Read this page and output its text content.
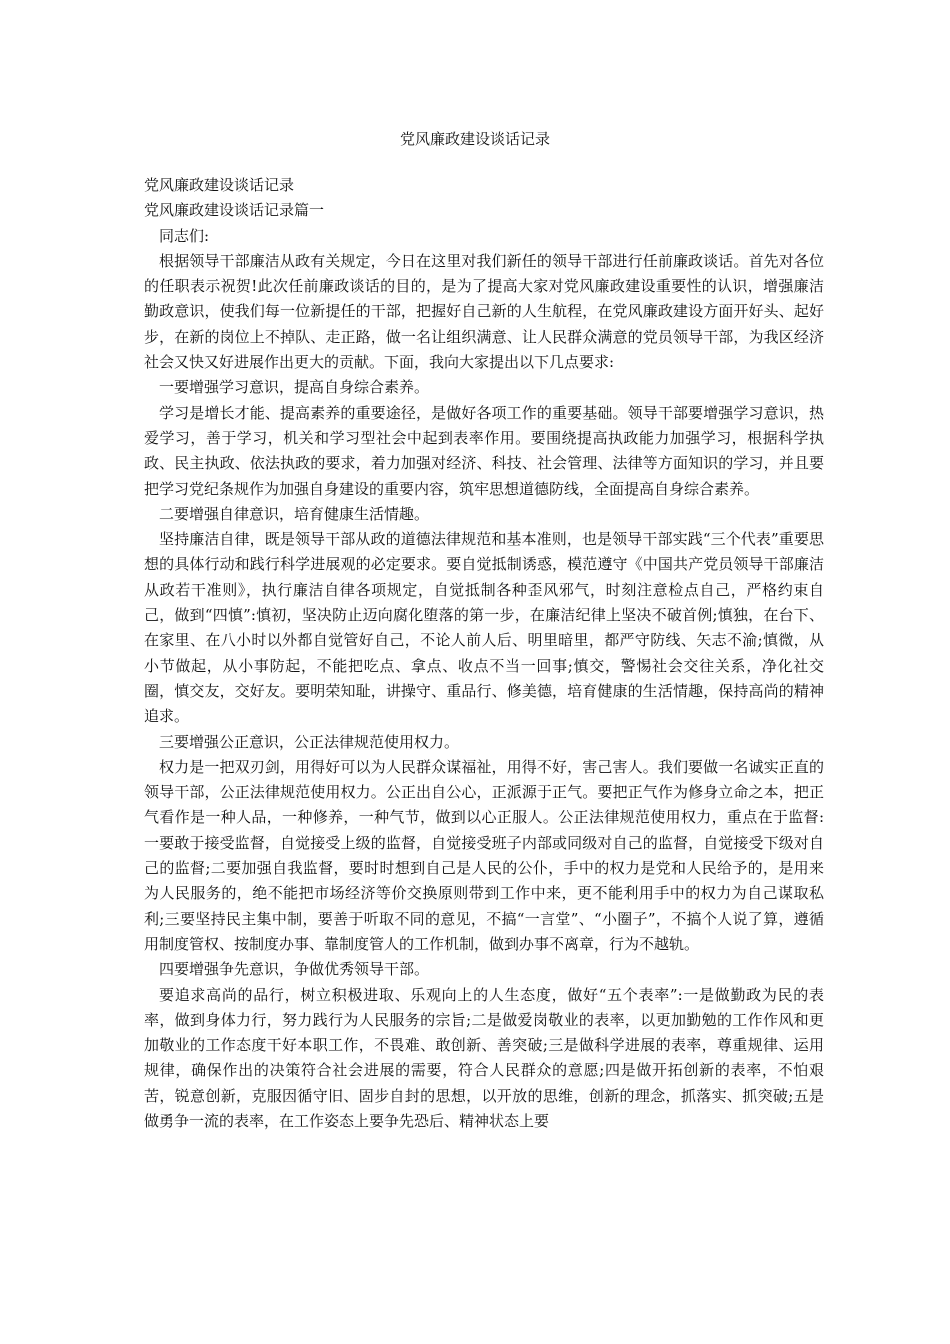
党风廉政建设谈话记录

党风廉政建设谈话记录

党风廉政建设谈话记录篇一

同志们:

根据领导干部廉洁从政有关规定，今日在这里对我们新任的领导干部进行任前廉政谈话。首先对各位的任职表示祝贺!此次任前廉政谈话的目的，是为了提高大家对党风廉政建设重要性的认识，增强廉洁勤政意识，使我们每一位新提任的干部，把握好自己新的人生航程，在党风廉政建设方面开好头、起好步，在新的岗位上不掉队、走正路，做一名让组织满意、让人民群众满意的党员领导干部，为我区经济社会又快又好进展作出更大的贡献。下面，我向大家提出以下几点要求:

一要增强学习意识，提高自身综合素养。

学习是增长才能、提高素养的重要途径，是做好各项工作的重要基础。领导干部要增强学习意识，热爱学习，善于学习，机关和学习型社会中起到表率作用。要围绕提高执政能力加强学习，根据科学执政、民主执政、依法执政的要求，着力加强对经济、科技、社会管理、法律等方面知识的学习，并且要把学习党纪条规作为加强自身建设的重要内容，筑牢思想道德防线，全面提高自身综合素养。

二要增强自律意识，培育健康生活情趣。

坚持廉洁自律，既是领导干部从政的道德法律规范和基本准则，也是领导干部实践“三个代表”重要思想的具体行动和践行科学进展观的必定要求。要自觉抵制诱惑，模范遵守《中国共产党员领导干部廉洁从政若干准则》，执行廉洁自律各项规定，自觉抵制各种歪风邪气，时刻注意检点自己，严格约束自己，做到“四慎”:慎初，坚决防止迈向腐化堕落的第一步，在廉洁纪律上坚决不破首例;慎独，在台下、在家里、在八小时以外都自觉管好自己，不论人前人后、明里暗里，都严守防线、矢志不渝;慎微，从小节做起，从小事防起，不能把吃点、拿点、收点不当一回事;慎交，警惕社会交往关系，净化社交圈，慎交友，交好友。要明荣知耻，讲操守、重品行、修美德，培育健康的生活情趣，保持高尚的精神追求。

三要增强公正意识，公正法律规范使用权力。

权力是一把双刃剑，用得好可以为人民群众谋福祉，用得不好，害己害人。我们要做一名诚实正直的领导干部，公正法律规范使用权力。公正出自公心，正派源于正气。要把正气作为修身立命之本，把正气看作是一种人品，一种修养，一种气节，做到以心正服人。公正法律规范使用权力，重点在于监督:一要敢于接受监督，自觉接受上级的监督，自觉接受班子内部或同级对自己的监督，自觉接受下级对自己的监督;二要加强自我监督，要时时想到自己是人民的公仆，手中的权力是党和人民给予的，是用来为人民服务的，绝不能把市场经济等价交换原则带到工作中来，更不能利用手中的权力为自己谋取私利;三要坚持民主集中制，要善于听取不同的意见，不搞“一言堂”、“小圈子”，不搞个人说了算，遵循用制度管权、按制度办事、靠制度管人的工作机制，做到办事不离章，行为不越轨。

四要增强争先意识，争做优秀领导干部。

要追求高尚的品行，树立积极进取、乐观向上的人生态度，做好“五个表率”:一是做勤政为民的表率，做到身体力行，努力践行为人民服务的宗旨;二是做爱岗敬业的表率，以更加勤勉的工作作风和更加敬业的工作态度干好本职工作，不畏难、敢创新、善突破;三是做科学进展的表率，尊重规律、运用规律，确保作出的决策符合社会进展的需要，符合人民群众的意愿;四是做开拓创新的表率，不怕艰苦，锐意创新，克服因循守旧、固步自封的思想，以开放的思维，创新的理念，抓落实、抓突破;五是做勇争一流的表率，在工作姿态上要争先恐后、精神状态上要
